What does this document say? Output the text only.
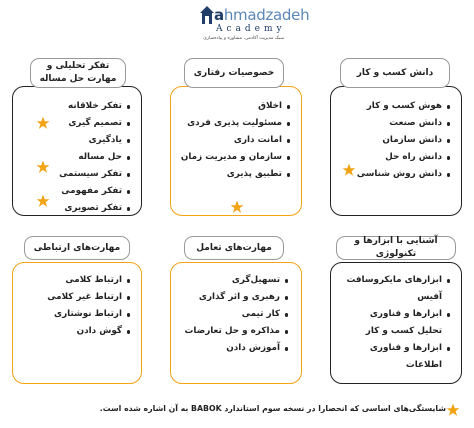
ahmadzadeh
Academy
سبک مدیریت آکادمی، مشاوره و پیاده‌سازی
تفکر تحلیلی و مهارت حل مساله
تفکر خلاقانه
تصمیم گیری
یادگیری
حل مساله
تفکر سیستمی
تفکر مفهومی
تفکر تصویری
خصوصیات رفتاری
اخلاق
مسئولیت پذیری فردی
امانت داری
سازمان و مدیریت زمان
تطبیق پذیری
دانش کسب و کار
هوش کسب و کار
دانش صنعت
دانش سازمان
دانش راه حل
دانش روش شناسی
مهارت‌های ارتباطی
ارتباط کلامی
ارتباط غیر کلامی
ارتباط نوشتاری
گوش دادن
مهارت‌های تعامل
تسهیل‌گری
رهبری و اثر گذاری
کار تیمی
مذاکره و حل تعارضات
آموزش دادن
آشنایی با ابزارها و تکنولوژی
ابزارهای مایکروسافت
آفیس
ابزارها و فناوری
تحلیل کسب و کار
ابزارها و فناوری
اطلاعات
شایستگی‌های اساسی که انحصارا در نسخه سوم استاندارد BABOK به آن اشاره شده است.
